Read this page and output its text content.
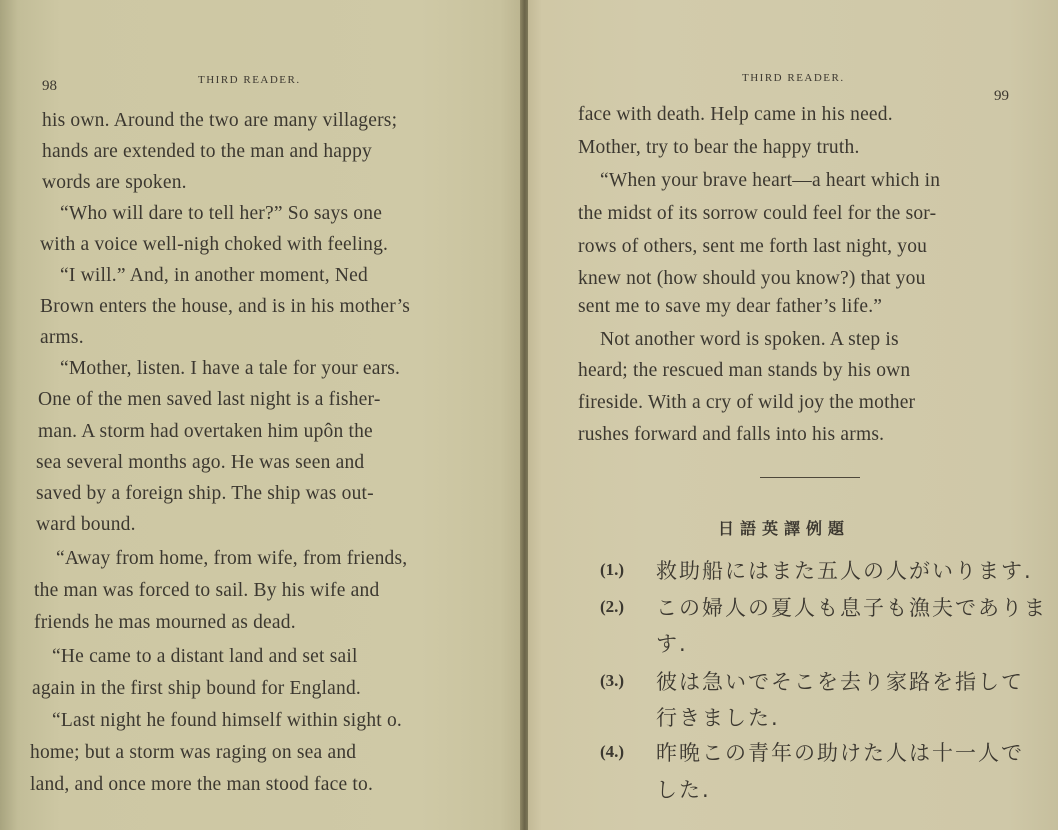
98	THIRD READER.
his own. Around the two are many villagers;
hands are extended to the man and happy
words are spoken.
“Who will dare to tell her?” So says one
with a voice well-nigh choked with feeling.
“I will.” And, in another moment, Ned
Brown enters the house, and is in his mother’s
arms.
“Mother, listen. I have a tale for your ears.
One of the men saved last night is a fisher-
man. A storm had overtaken him upôn the
sea several months ago. He was seen and
saved by a foreign ship. The ship was out-
ward bound.
“Away from home, from wife, from friends,
the man was forced to sail. By his wife and
friends he mas mourned as dead.
“He came to a distant land and set sail
again in the first ship bound for England.
“Last night he found himself within sight o.
home; but a storm was raging on sea and
land, and once more the man stood face to.
THIRD READER.
99
face with death. Help came in his need.
Mother, try to bear the happy truth.
“When your brave heart—a heart which in
the midst of its sorrow could feel for the sor-
rows of others, sent me forth last night, you
knew not (how should you know?) that you
sent me to save my dear father’s life.”
Not another word is spoken. A step is
heard; the rescued man stands by his own
fireside. With a cry of wild joy the mother
rushes forward and falls into his arms.
日語英譯例題
(1.) 救助船にはまた五人の人がいります.
(2.) この婦人の夏人も息子も漁夫でありま
す.
(3.) 彼は急いでそこを去り家路を指して
行きました.
(4.) 昨晩この青年の助けた人は十一人で
した.
